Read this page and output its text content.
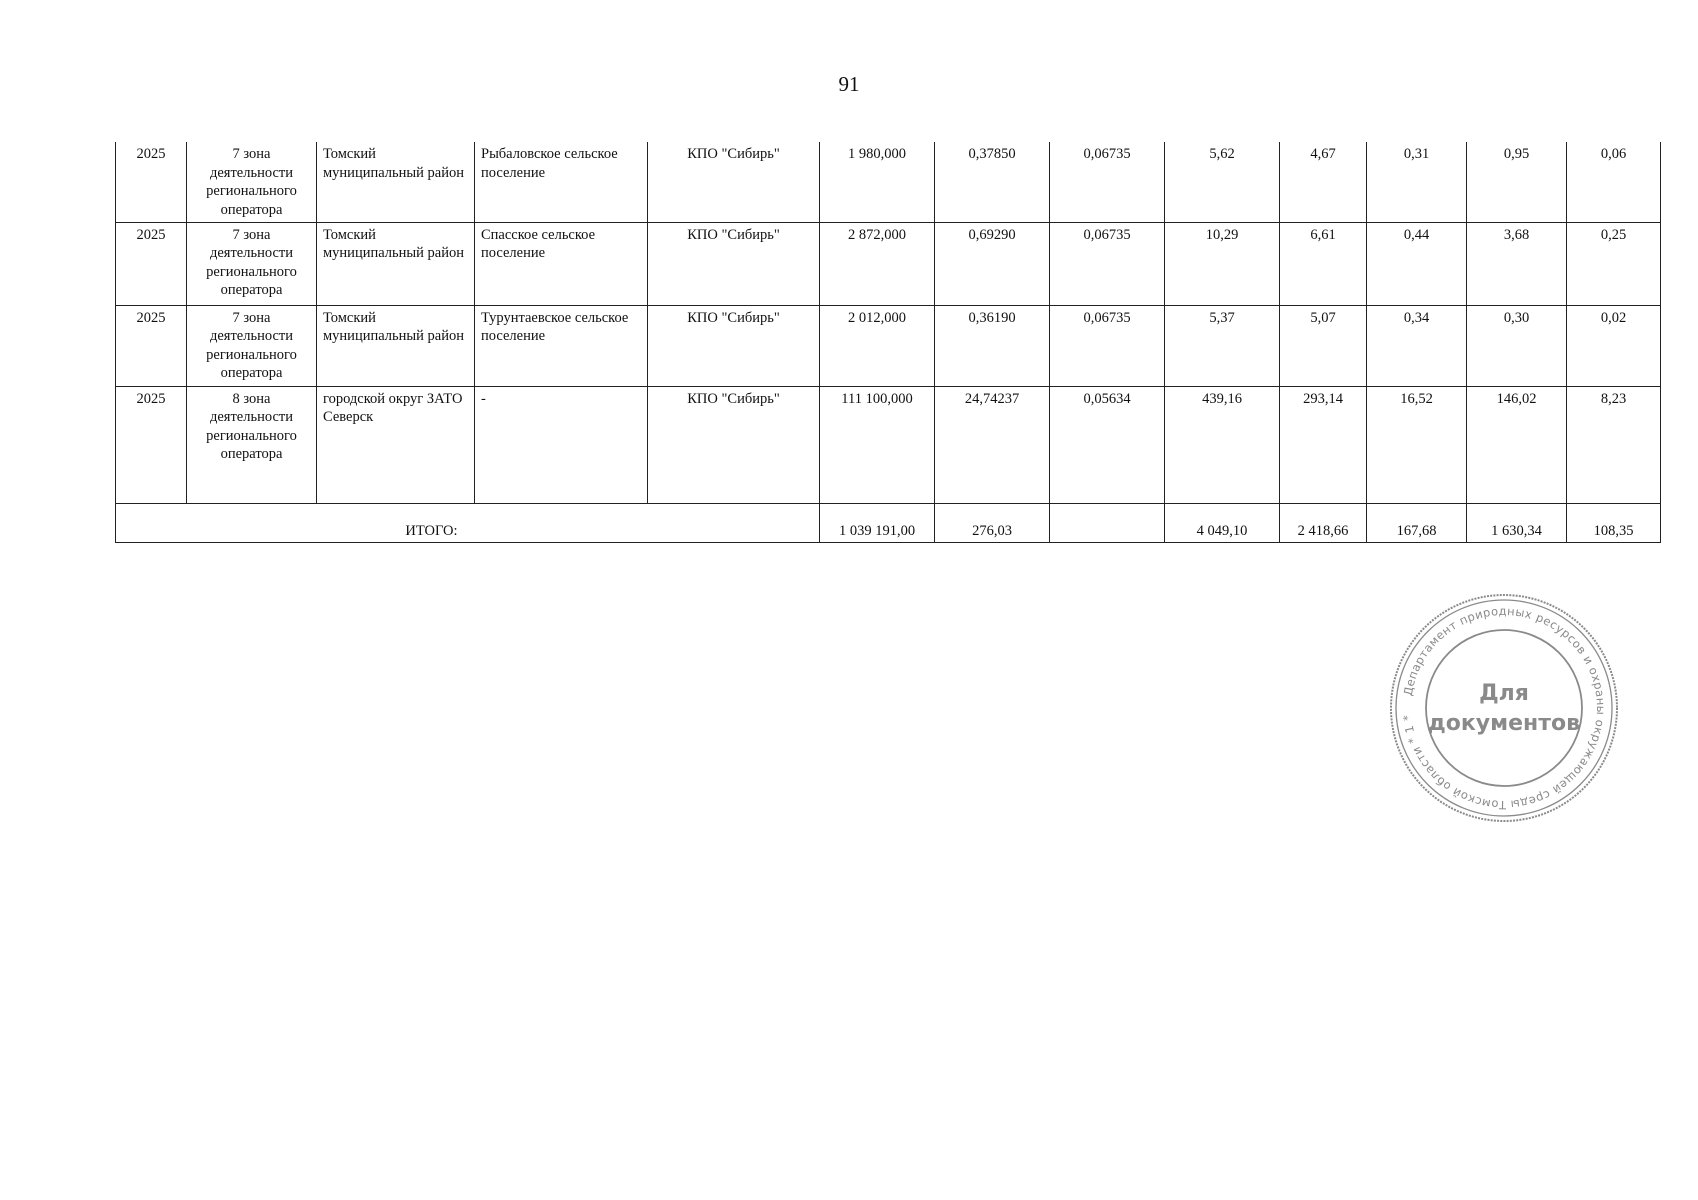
91
2025	7 зона деятельности регионального оператора	Томский муниципальный район	Рыбаловское сельское поселение	КПО "Сибирь"	1 980,000	0,37850	0,06735	5,62	4,67	0,31	0,95	0,06
2025	7 зона деятельности регионального оператора	Томский муниципальный район	Спасское сельское поселение	КПО "Сибирь"	2 872,000	0,69290	0,06735	10,29	6,61	0,44	3,68	0,25
2025	7 зона деятельности регионального оператора	Томский муниципальный район	Турунтаевское сельское поселение	КПО "Сибирь"	2 012,000	0,36190	0,06735	5,37	5,07	0,34	0,30	0,02
2025	8 зона деятельности регионального оператора	городской округ ЗАТО Северск	-	КПО "Сибирь"	111 100,000	24,74237	0,05634	439,16	293,14	16,52	146,02	8,23
ИТОГО:					1 039 191,00	276,03		4 049,10	2 418,66	167,68	1 630,34	108,35
Департамент природных ресурсов и охраны окружающей среды Томской области * 1 *
Для
документов
